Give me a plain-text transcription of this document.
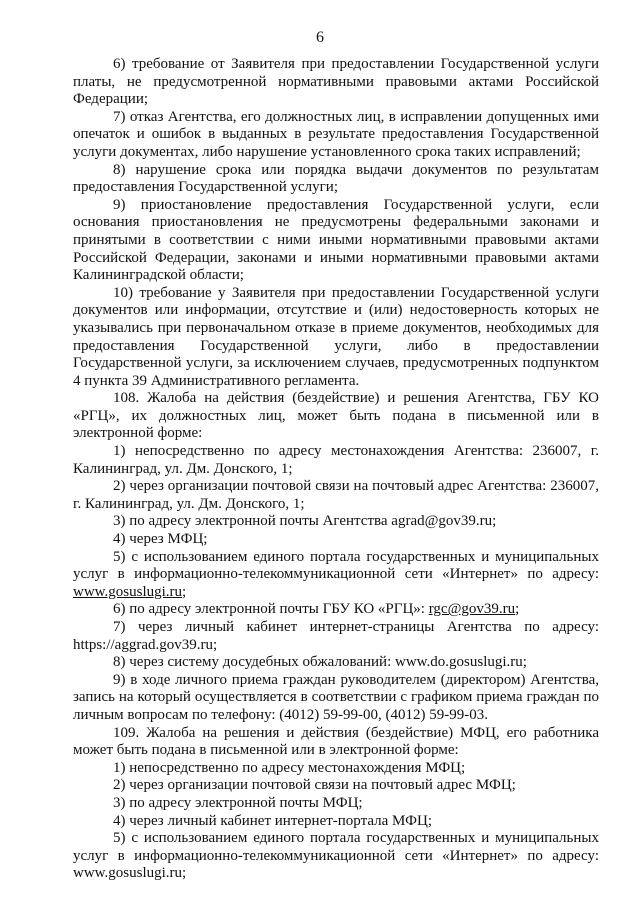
6

6) требование от Заявителя при предоставлении Государственной услуги платы, не предусмотренной нормативными правовыми актами Российской Федерации;

7) отказ Агентства, его должностных лиц, в исправлении допущенных ими опечаток и ошибок в выданных в результате предоставления Государственной услуги документах, либо нарушение установленного срока таких исправлений;

8) нарушение срока или порядка выдачи документов по результатам предоставления Государственной услуги;

9) приостановление предоставления Государственной услуги, если основания приостановления не предусмотрены федеральными законами и принятыми в соответствии с ними иными нормативными правовыми актами Российской Федерации, законами и иными нормативными правовыми актами Калининградской области;

10) требование у Заявителя при предоставлении Государственной услуги документов или информации, отсутствие и (или) недостоверность которых не указывались при первоначальном отказе в приеме документов, необходимых для предоставления Государственной услуги, либо в предоставлении Государственной услуги, за исключением случаев, предусмотренных подпунктом 4 пункта 39 Административного регламента.

108. Жалоба на действия (бездействие) и решения Агентства, ГБУ КО «РГЦ», их должностных лиц, может быть подана в письменной или в электронной форме:

1) непосредственно по адресу местонахождения Агентства: 236007, г. Калининград, ул. Дм. Донского, 1;

2) через организации почтовой связи на почтовый адрес Агентства: 236007, г. Калининград, ул. Дм. Донского, 1;

3) по адресу электронной почты Агентства agrad@gov39.ru;

4) через МФЦ;

5) с использованием единого портала государственных и муниципальных услуг в информационно-телекоммуникационной сети «Интернет» по адресу: www.gosuslugi.ru;

6) по адресу электронной почты ГБУ КО «РГЦ»: rgc@gov39.ru;

7) через личный кабинет интернет-страницы Агентства по адресу: https://aggrad.gov39.ru;

8) через систему досудебных обжалований: www.do.gosuslugi.ru;

9) в ходе личного приема граждан руководителем (директором) Агентства, запись на который осуществляется в соответствии с графиком приема граждан по личным вопросам по телефону: (4012) 59-99-00, (4012) 59-99-03.

109. Жалоба на решения и действия (бездействие) МФЦ, его работника может быть подана в письменной или в электронной форме:

1) непосредственно по адресу местонахождения МФЦ;

2) через организации почтовой связи на почтовый адрес МФЦ;

3) по адресу электронной почты МФЦ;

4) через личный кабинет интернет-портала МФЦ;

5) с использованием единого портала государственных и муниципальных услуг в информационно-телекоммуникационной сети «Интернет» по адресу: www.gosuslugi.ru;
